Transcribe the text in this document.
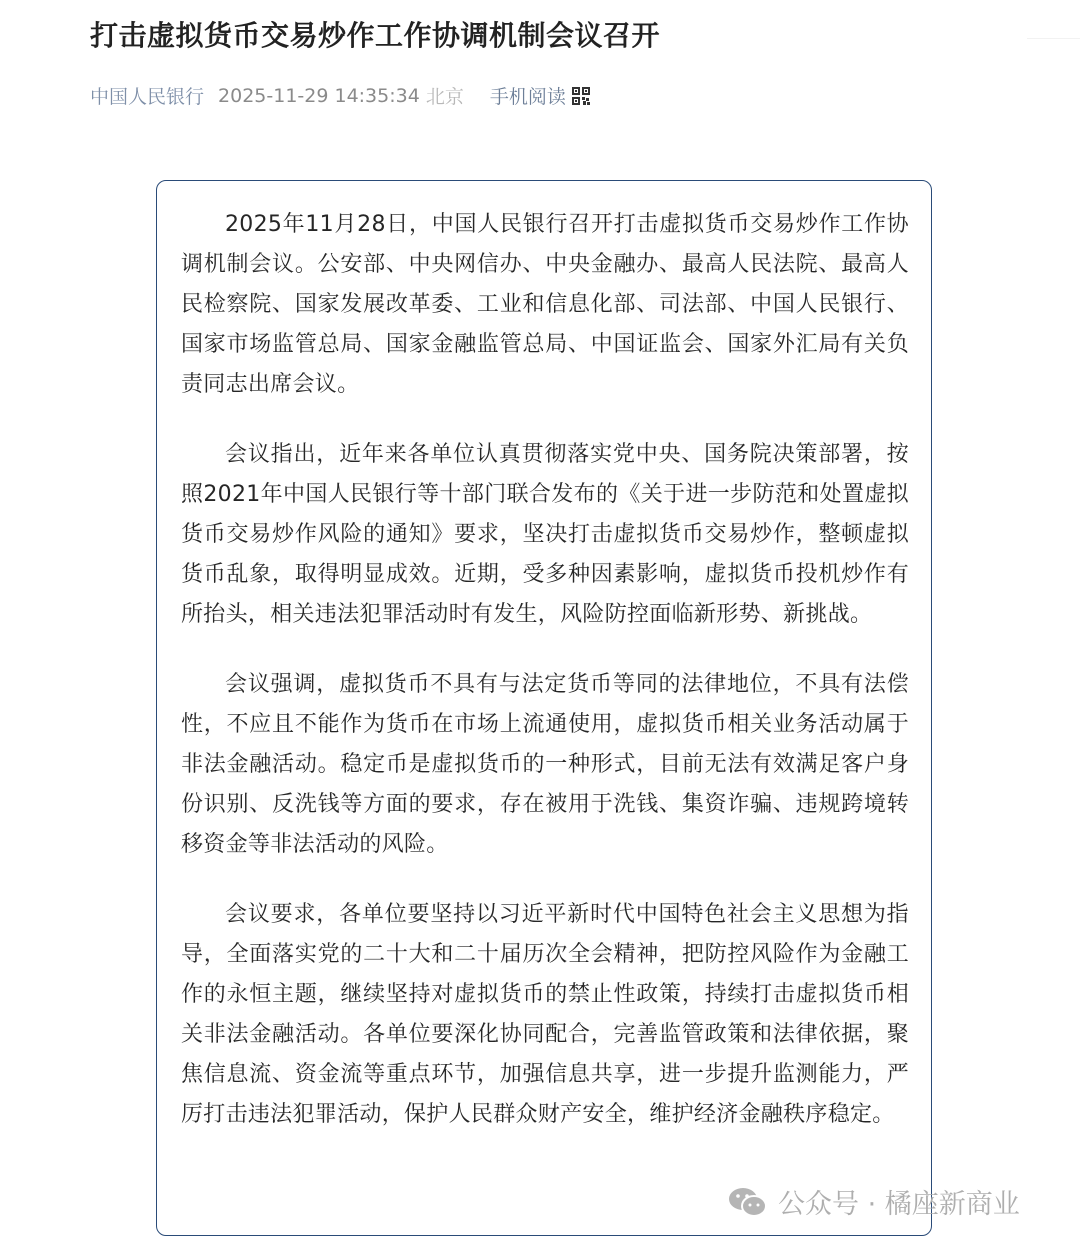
打击虚拟货币交易炒作工作协调机制会议召开
中国人民银行 2025-11-29 14:35:34 北京 手机阅读

2025年11月28日，中国人民银行召开打击虚拟货币交易炒作工作协调机制会议。公安部、中央网信办、中央金融办、最高人民法院、最高人民检察院、国家发展改革委、工业和信息化部、司法部、中国人民银行、国家市场监管总局、国家金融监管总局、中国证监会、国家外汇局有关负责同志出席会议。

会议指出，近年来各单位认真贯彻落实党中央、国务院决策部署，按照2021年中国人民银行等十部门联合发布的《关于进一步防范和处置虚拟货币交易炒作风险的通知》要求，坚决打击虚拟货币交易炒作，整顿虚拟货币乱象，取得明显成效。近期，受多种因素影响，虚拟货币投机炒作有所抬头，相关违法犯罪活动时有发生，风险防控面临新形势、新挑战。

会议强调，虚拟货币不具有与法定货币等同的法律地位，不具有法偿性，不应且不能作为货币在市场上流通使用，虚拟货币相关业务活动属于非法金融活动。稳定币是虚拟货币的一种形式，目前无法有效满足客户身份识别、反洗钱等方面的要求，存在被用于洗钱、集资诈骗、违规跨境转移资金等非法活动的风险。

会议要求，各单位要坚持以习近平新时代中国特色社会主义思想为指导，全面落实党的二十大和二十届历次全会精神，把防控风险作为金融工作的永恒主题，继续坚持对虚拟货币的禁止性政策，持续打击虚拟货币相关非法金融活动。各单位要深化协同配合，完善监管政策和法律依据，聚焦信息流、资金流等重点环节，加强信息共享，进一步提升监测能力，严厉打击违法犯罪活动，保护人民群众财产安全，维护经济金融秩序稳定。

公众号 · 橘座新商业
